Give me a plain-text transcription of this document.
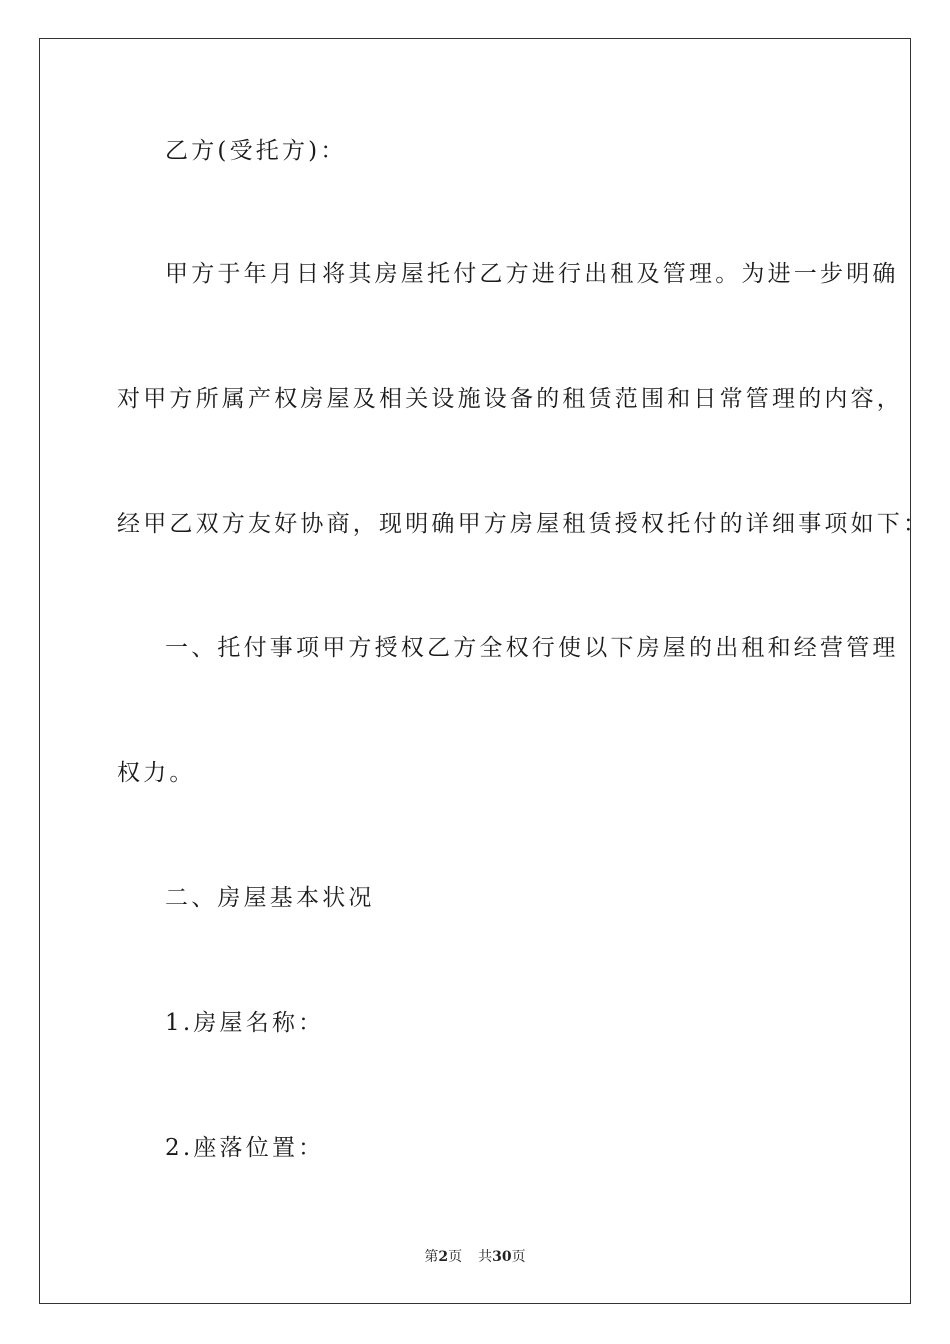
乙方(受托方)：
甲方于年月日将其房屋托付乙方进行出租及管理。为进一步明确
对甲方所属产权房屋及相关设施设备的租赁范围和日常管理的内容，
经甲乙双方友好协商，现明确甲方房屋租赁授权托付的详细事项如下：
一、托付事项甲方授权乙方全权行使以下房屋的出租和经营管理
权力。
二、房屋基本状况
1.房屋名称：
2.座落位置：
第2页 共30页
